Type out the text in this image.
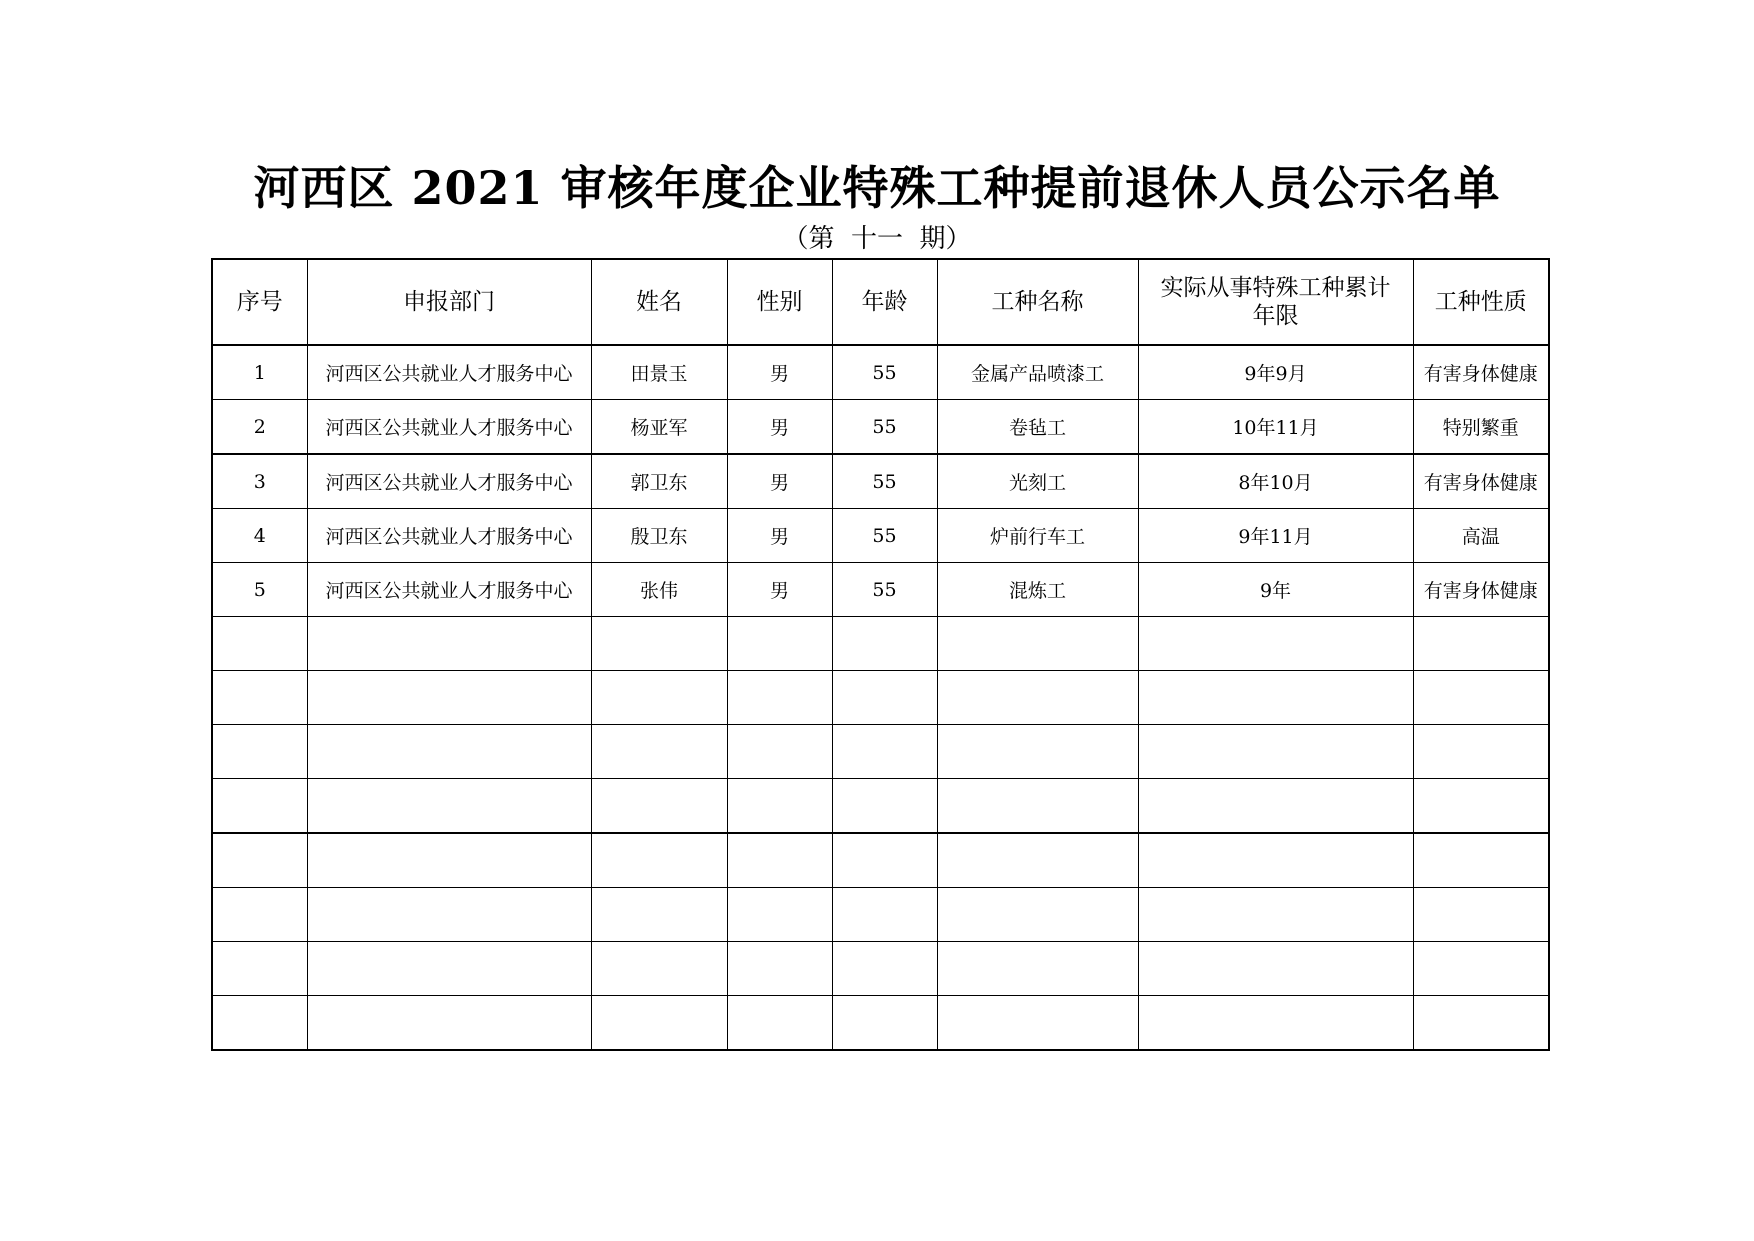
河西区 2021 审核年度企业特殊工种提前退休人员公示名单
（第  十一  期）
序号	申报部门	姓名	性别	年龄	工种名称	实际从事特殊工种累计年限	工种性质
1	河西区公共就业人才服务中心	田景玉	男	55	金属产品喷漆工	9年9月	有害身体健康
2	河西区公共就业人才服务中心	杨亚军	男	55	卷毡工	10年11月	特别繁重
3	河西区公共就业人才服务中心	郭卫东	男	55	光刻工	8年10月	有害身体健康
4	河西区公共就业人才服务中心	殷卫东	男	55	炉前行车工	9年11月	高温
5	河西区公共就业人才服务中心	张伟	男	55	混炼工	9年	有害身体健康
